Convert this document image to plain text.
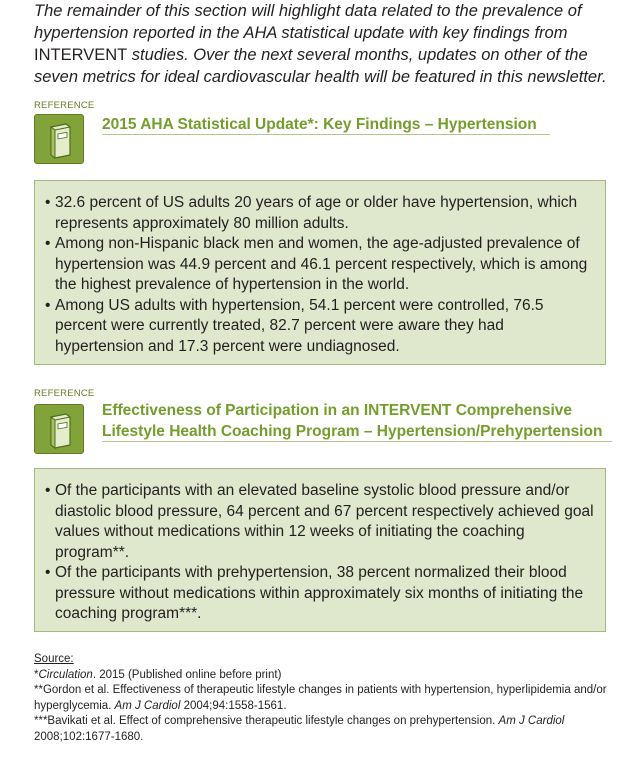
The remainder of this section will highlight data related to the prevalence of hypertension reported in the AHA statistical update with key findings from INTERVENT studies. Over the next several months, updates on other of the seven metrics for ideal cardiovascular health will be featured in this newsletter.

REFERENCE
2015 AHA Statistical Update*: Key Findings – Hypertension
• 32.6 percent of US adults 20 years of age or older have hypertension, which represents approximately 80 million adults.
• Among non-Hispanic black men and women, the age-adjusted prevalence of hypertension was 44.9 percent and 46.1 percent respectively, which is among the highest prevalence of hypertension in the world.
• Among US adults with hypertension, 54.1 percent were controlled, 76.5 percent were currently treated, 82.7 percent were aware they had hypertension and 17.3 percent were undiagnosed.
REFERENCE
Effectiveness of Participation in an INTERVENT Comprehensive
Lifestyle Health Coaching Program – Hypertension/Prehypertension
• Of the participants with an elevated baseline systolic blood pressure and/or diastolic blood pressure, 64 percent and 67 percent respectively achieved goal values without medications within 12 weeks of initiating the coaching program**.
• Of the participants with prehypertension, 38 percent normalized their blood pressure without medications within approximately six months of initiating the coaching program***.
Source:
*Circulation. 2015 (Published online before print)
**Gordon et al. Effectiveness of therapeutic lifestyle changes in patients with hypertension, hyperlipidemia and/or hyperglycemia. Am J Cardiol 2004;94:1558-1561.
***Bavikati et al. Effect of comprehensive therapeutic lifestyle changes on prehypertension. Am J Cardiol 2008;102:1677-1680.
